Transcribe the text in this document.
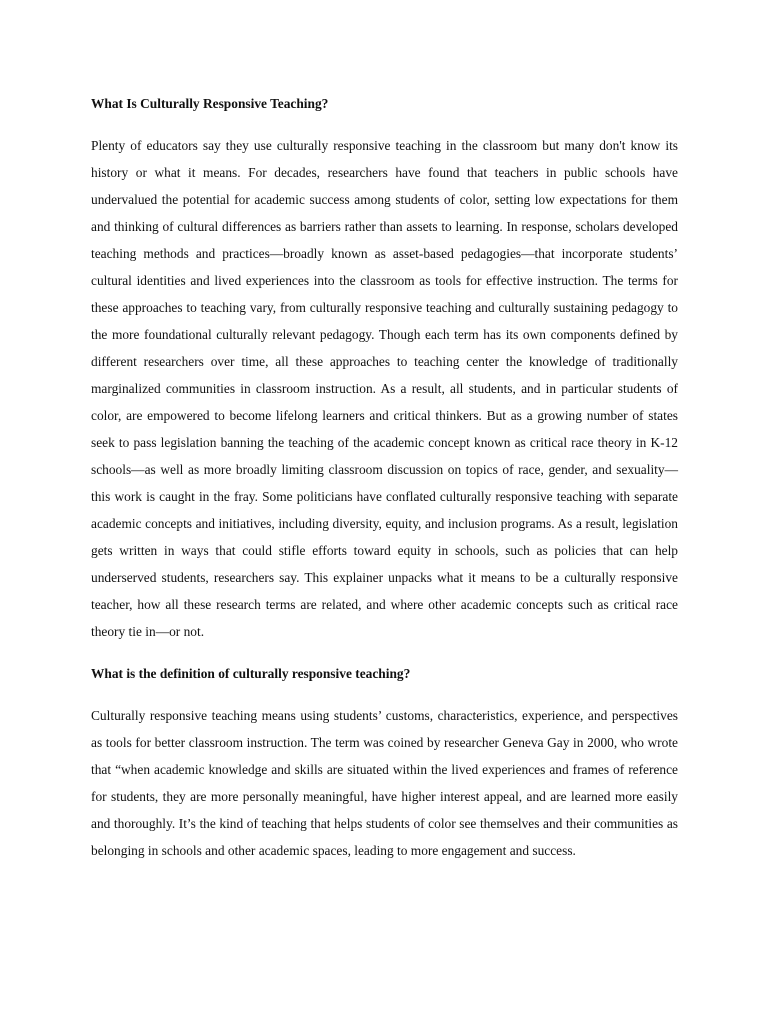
What Is Culturally Responsive Teaching?

Plenty of educators say they use culturally responsive teaching in the classroom but many don't know its history or what it means. For decades, researchers have found that teachers in public schools have undervalued the potential for academic success among students of color, setting low expectations for them and thinking of cultural differences as barriers rather than assets to learning. In response, scholars developed teaching methods and practices—broadly known as asset-based pedagogies—that incorporate students’ cultural identities and lived experiences into the classroom as tools for effective instruction. The terms for these approaches to teaching vary, from culturally responsive teaching and culturally sustaining pedagogy to the more foundational culturally relevant pedagogy. Though each term has its own components defined by different researchers over time, all these approaches to teaching center the knowledge of traditionally marginalized communities in classroom instruction. As a result, all students, and in particular students of color, are empowered to become lifelong learners and critical thinkers. But as a growing number of states seek to pass legislation banning the teaching of the academic concept known as critical race theory in K-12 schools—as well as more broadly limiting classroom discussion on topics of race, gender, and sexuality—this work is caught in the fray. Some politicians have conflated culturally responsive teaching with separate academic concepts and initiatives, including diversity, equity, and inclusion programs. As a result, legislation gets written in ways that could stifle efforts toward equity in schools, such as policies that can help underserved students, researchers say. This explainer unpacks what it means to be a culturally responsive teacher, how all these research terms are related, and where other academic concepts such as critical race theory tie in—or not.

What is the definition of culturally responsive teaching?

Culturally responsive teaching means using students’ customs, characteristics, experience, and perspectives as tools for better classroom instruction. The term was coined by researcher Geneva Gay in 2000, who wrote that “when academic knowledge and skills are situated within the lived experiences and frames of reference for students, they are more personally meaningful, have higher interest appeal, and are learned more easily and thoroughly. It’s the kind of teaching that helps students of color see themselves and their communities as belonging in schools and other academic spaces, leading to more engagement and success.
